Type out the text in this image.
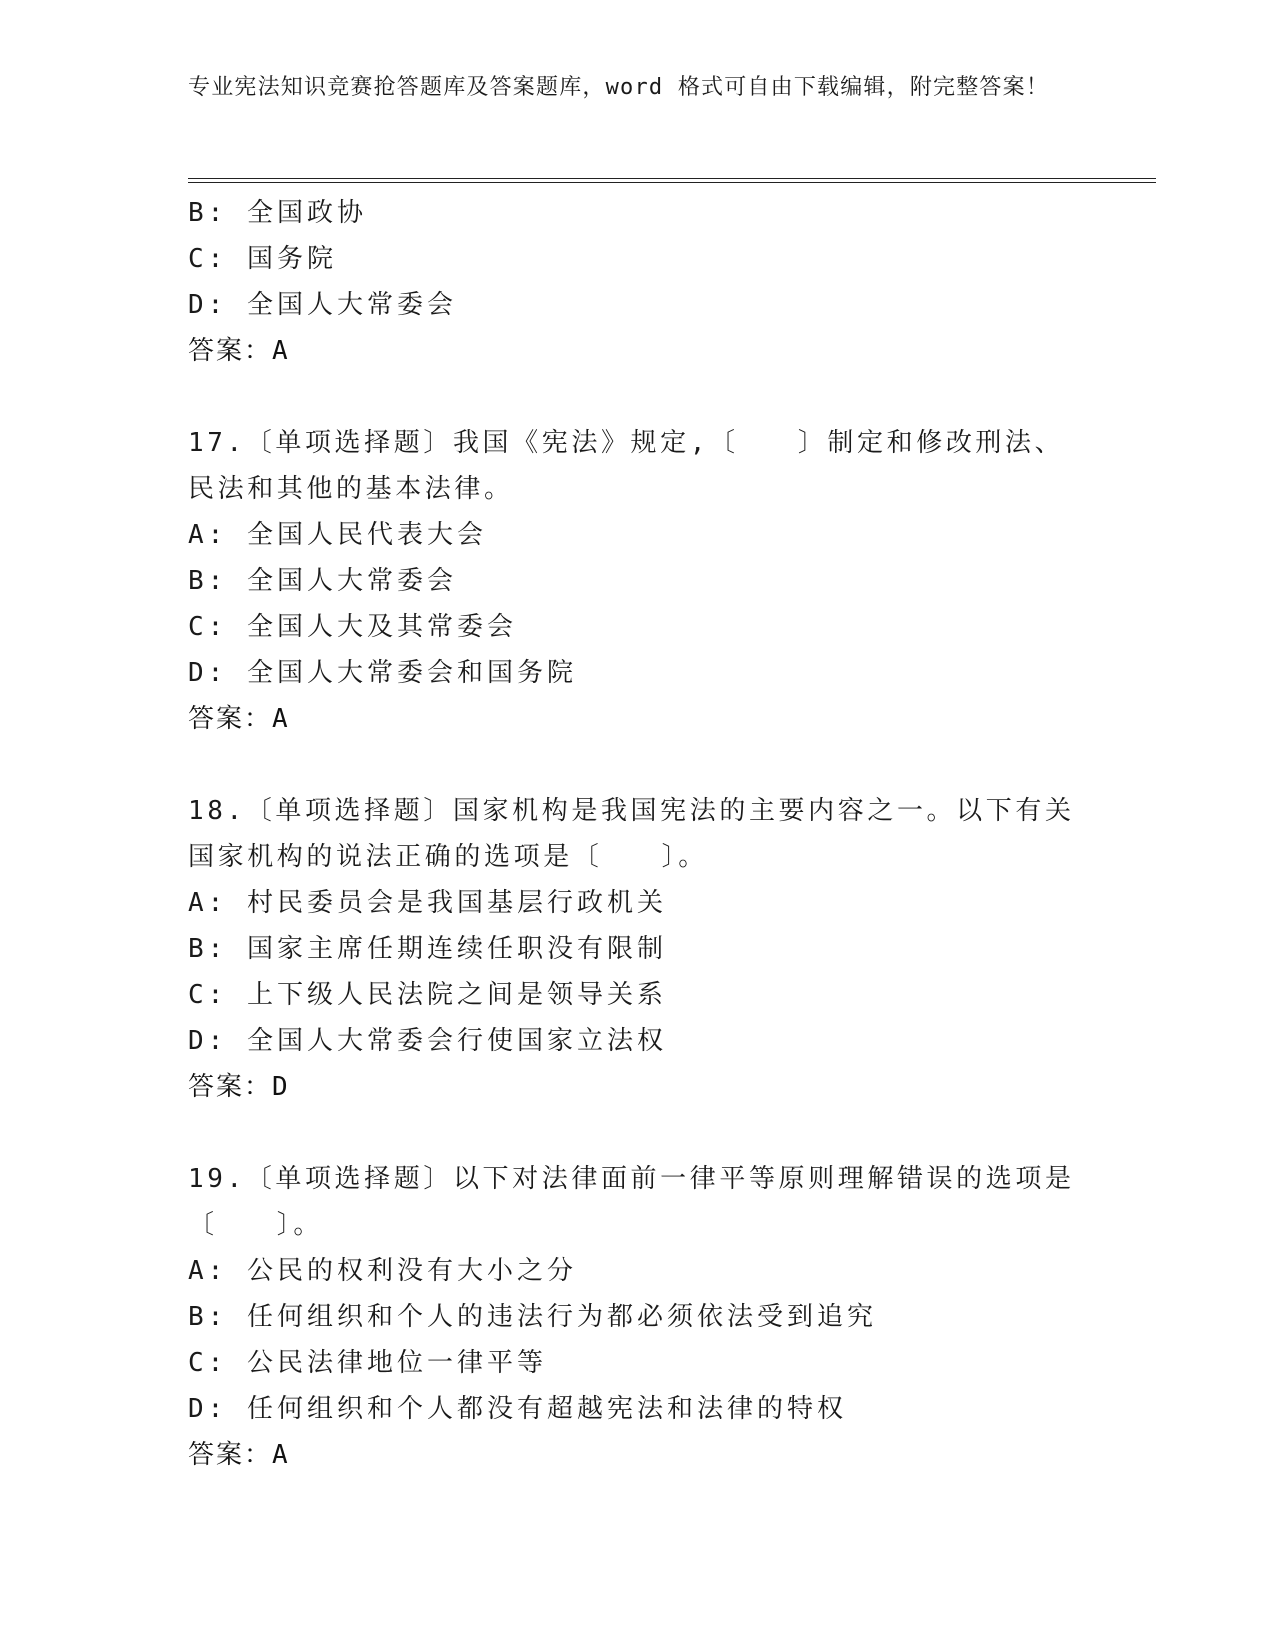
专业宪法知识竞赛抢答题库及答案题库，word 格式可自由下载编辑，附完整答案！
B: 全国政协
C: 国务院
D: 全国人大常委会
答案：A
17.〔单项选择题〕我国《宪法》规定,〔　　〕制定和修改刑法、民法和其他的基本法律。
A: 全国人民代表大会
B: 全国人大常委会
C: 全国人大及其常委会
D: 全国人大常委会和国务院
答案：A
18.〔单项选择题〕国家机构是我国宪法的主要内容之一。以下有关国家机构的说法正确的选项是〔　　〕。
A: 村民委员会是我国基层行政机关
B: 国家主席任期连续任职没有限制
C: 上下级人民法院之间是领导关系
D: 全国人大常委会行使国家立法权
答案：D
19.〔单项选择题〕以下对法律面前一律平等原则理解错误的选项是〔　　〕。
A: 公民的权利没有大小之分
B: 任何组织和个人的违法行为都必须依法受到追究
C: 公民法律地位一律平等
D: 任何组织和个人都没有超越宪法和法律的特权
答案：A
